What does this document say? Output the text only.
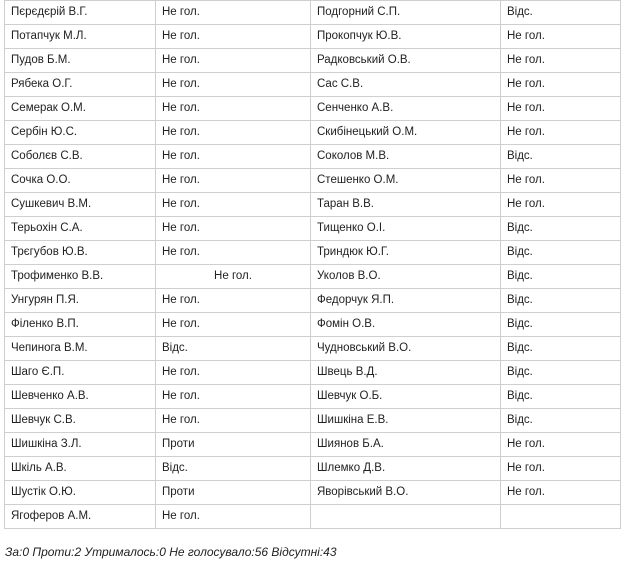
Пєрєдєрій В.Г.	Не гол.	Подгорний С.П.	Відс.
Потапчук М.Л.	Не гол.	Прокопчук Ю.В.	Не гол.
Пудов Б.М.	Не гол.	Радковський О.В.	Не гол.
Рябека О.Г.	Не гол.	Сас С.В.	Не гол.
Семерак О.М.	Не гол.	Сенченко А.В.	Не гол.
Сербін Ю.С.	Не гол.	Скибінецький О.М.	Не гол.
Соболєв С.В.	Не гол.	Соколов М.В.	Відс.
Сочка О.О.	Не гол.	Стешенко О.М.	Не гол.
Сушкевич В.М.	Не гол.	Таран В.В.	Не гол.
Терьохін С.А.	Не гол.	Тищенко О.І.	Відс.
Трєгубов Ю.В.	Не гол.	Триндюк Ю.Г.	Відс.
Трофименко В.В.	Не гол.	Уколов В.О.	Відс.
Унгурян П.Я.	Не гол.	Федорчук Я.П.	Відс.
Філенко В.П.	Не гол.	Фомін О.В.	Відс.
Чепинога В.М.	Відс.	Чудновський В.О.	Відс.
Шаго Є.П.	Не гол.	Швець В.Д.	Відс.
Шевченко А.В.	Не гол.	Шевчук О.Б.	Відс.
Шевчук С.В.	Не гол.	Шишкіна Е.В.	Відс.
Шишкіна З.Л.	Проти	Шиянов Б.А.	Не гол.
Шкіль А.В.	Відс.	Шлемко Д.В.	Не гол.
Шустік О.Ю.	Проти	Яворівський В.О.	Не гол.
Ягоферов А.М.	Не гол.		
За:0 Проти:2 Утрималось:0 Не голосувало:56 Відсутні:43
